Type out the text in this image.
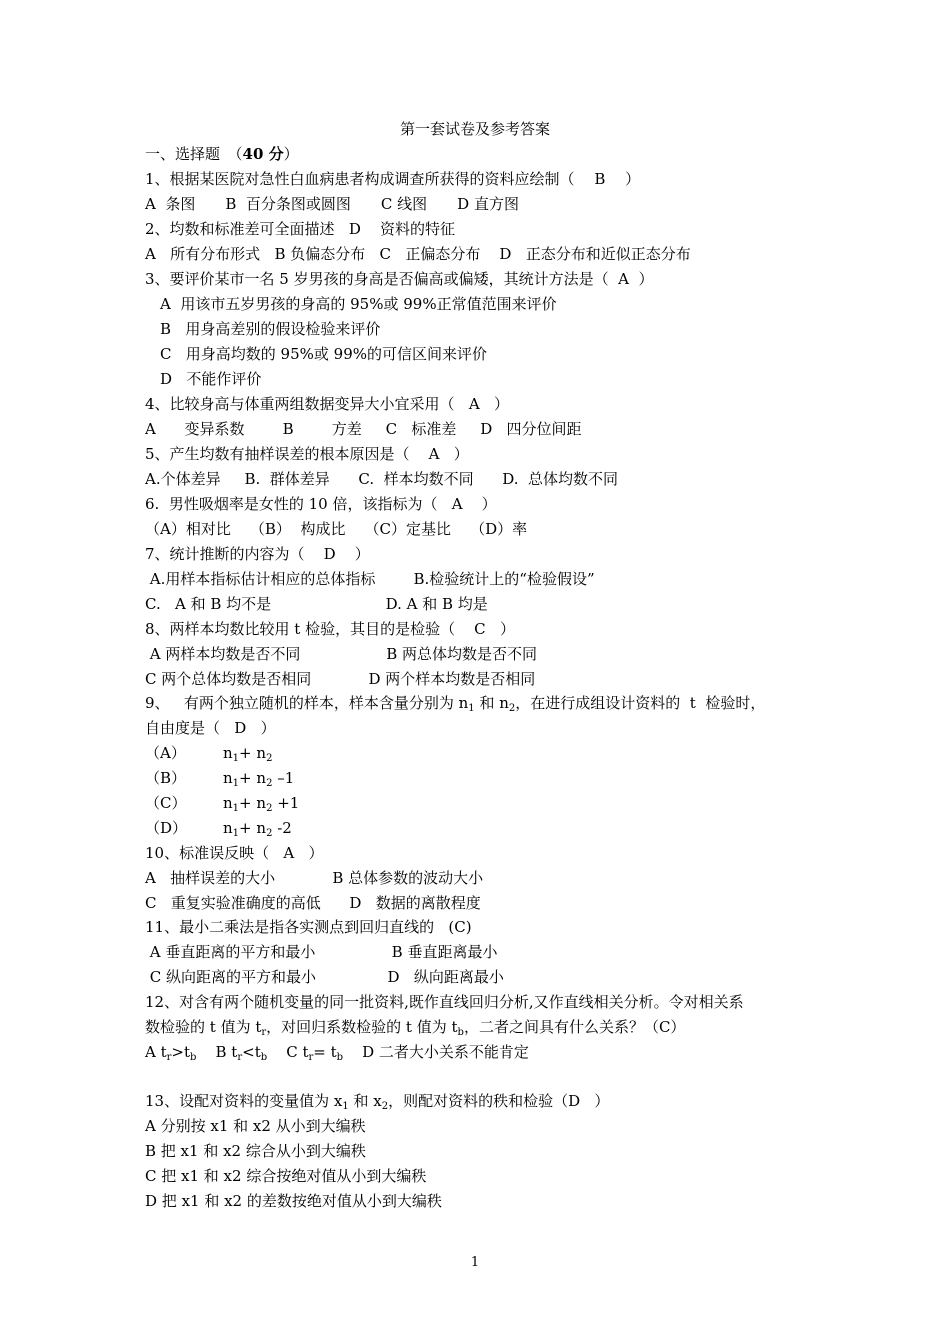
第一套试卷及参考答案
一、选择题　（40 分）
1、根据某医院对急性白血病患者构成调查所获得的资料应绘制（　 B 　）
A  条图　　B  百分条图或圆图　　C 线图　　D 直方图
2、均数和标准差可全面描述   D    资料的特征
A   所有分布形式   B 负偏态分布   C   正偏态分布    D   正态分布和近似正态分布
3、要评价某市一名 5 岁男孩的身高是否偏高或偏矮，其统计方法是（  A  ）
A  用该市五岁男孩的身高的 95%或 99%正常值范围来评价
B   用身高差别的假设检验来评价
C   用身高均数的 95%或 99%的可信区间来评价
D   不能作评价
4、比较身高与体重两组数据变异大小宜采用（   A   ）
A      变异系数        B        方差     C   标准差     D   四分位间距
5、产生均数有抽样误差的根本原因是（    A   ）
A.个体差异     B.  群体差异      C.  样本均数不同      D.  总体均数不同
6.  男性吸烟率是女性的 10 倍，该指标为（   A    ）
（A）相对比    （B）  构成比    （C）定基比    （D）率
7、统计推断的内容为（    D    ）
A.用样本指标估计相应的总体指标        B.检验统计上的“检验假设”
C.   A 和 B 均不是                        D. A 和 B 均是
8、两样本均数比较用 t 检验，其目的是检验（    C   ）
A 两样本均数是否不同                  B 两总体均数是否不同
C 两个总体均数是否相同            D 两个样本均数是否相同
9、   有两个独立随机的样本，样本含量分别为 $n_1$ 和 $n_2$，在进行成组设计资料的  t  检验时，
自由度是（   D   ）
（A） $n_1+ n_2$
（B） $n_1+ n_2$ –1
（C） $n_1+ n_2 +1$
（D） $n_1+ n_2$ -2
10、标准误反映（   A   ）
A   抽样误差的大小            B 总体参数的波动大小
C   重复实验准确度的高低      D   数据的离散程度
11、最小二乘法是指各实测点到回归直线的   (C)
A 垂直距离的平方和最小                B 垂直距离最小
C 纵向距离的平方和最小               D   纵向距离最小
12、对含有两个随机变量的同一批资料,既作直线回归分析,又作直线相关分析。令对相关系
数检验的 t 值为 $t_r$，对回归系数检验的 t 值为 $t_b$，二者之间具有什么关系？（C）
A $t_r>t_b$    B $t_r<t_b$    C $t_r= t_b$    D 二者大小关系不能肯定
13、设配对资料的变量值为 $x_1$ 和 $x_2$，则配对资料的秩和检验（D   ）
A 分别按 x1 和 x2 从小到大编秩
B 把 x1 和 x2 综合从小到大编秩
C 把 x1 和 x2 综合按绝对值从小到大编秩
D 把 x1 和 x2 的差数按绝对值从小到大编秩
1
